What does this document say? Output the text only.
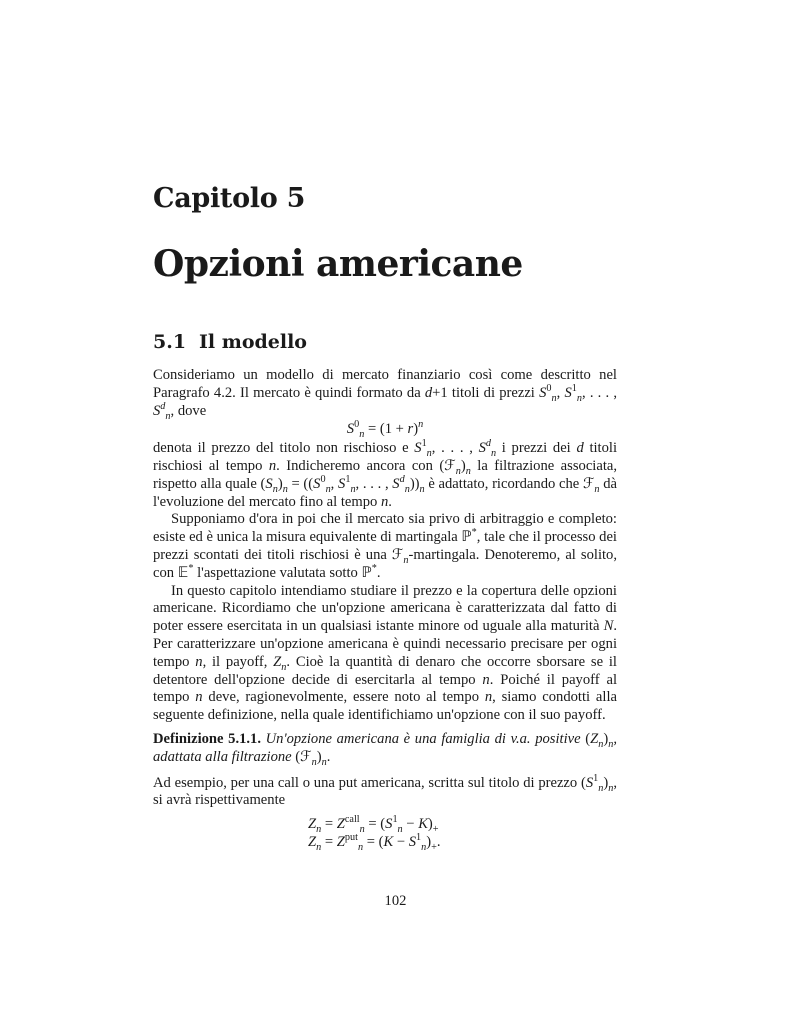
Capitolo 5
Opzioni americane
5.1 Il modello

Consideriamo un modello di mercato finanziario così come descritto nel Paragrafo 4.2. Il mercato è quindi formato da d+1 titoli di prezzi $S^0_n$, $S^1_n$, . . . , $S^d_n$, dove

$S^0_n = (1 + r)^n$

denota il prezzo del titolo non rischioso e $S^1_n$, . . . , $S^d_n$ i prezzi dei d titoli rischiosi al tempo n. Indicheremo ancora con $(ℱ_n)_n$ la filtrazione associata, rispetto alla quale $(S_n)_n = ((S^0_n$, $S^1_n$, . . . , $S^d_n))_n$ è adattato, ricordando che ℱ$_n$ dà l'evoluzione del mercato fino al tempo n.

Supponiamo d'ora in poi che il mercato sia privo di arbitraggio e completo: esiste ed è unica la misura equivalente di martingala ℙ*, tale che il processo dei prezzi scontati dei titoli rischiosi è una ℱ$_n$-martingala. Denoteremo, al solito, con 𝔼* l'aspettazione valutata sotto ℙ*.

In questo capitolo intendiamo studiare il prezzo e la copertura delle opzioni americane. Ricordiamo che un'opzione americana è caratterizzata dal fatto di poter essere esercitata in un qualsiasi istante minore od uguale alla maturità N. Per caratterizzare un'opzione americana è quindi necessario precisare per ogni tempo n, il payoff, $Z_n$. Cioè la quantità di denaro che occorre sborsare se il detentore dell'opzione decide di esercitarla al tempo n. Poiché il payoff al tempo n deve, ragionevolmente, essere noto al tempo n, siamo condotti alla seguente definizione, nella quale identifichiamo un'opzione con il suo payoff.

Definizione 5.1.1. Un'opzione americana è una famiglia di v.a. positive $(Z_n)_n$, adattata alla filtrazione $(ℱ_n)_n$.

Ad esempio, per una call o una put americana, scritta sul titolo di prezzo $(S^1_n)_n$, si avrà rispettivamente

$Z_n = Z^{call}_n = (S^1_n - K)_+$
$Z_n = Z^{put}_n = (K - S^1_n)_+$.
102
